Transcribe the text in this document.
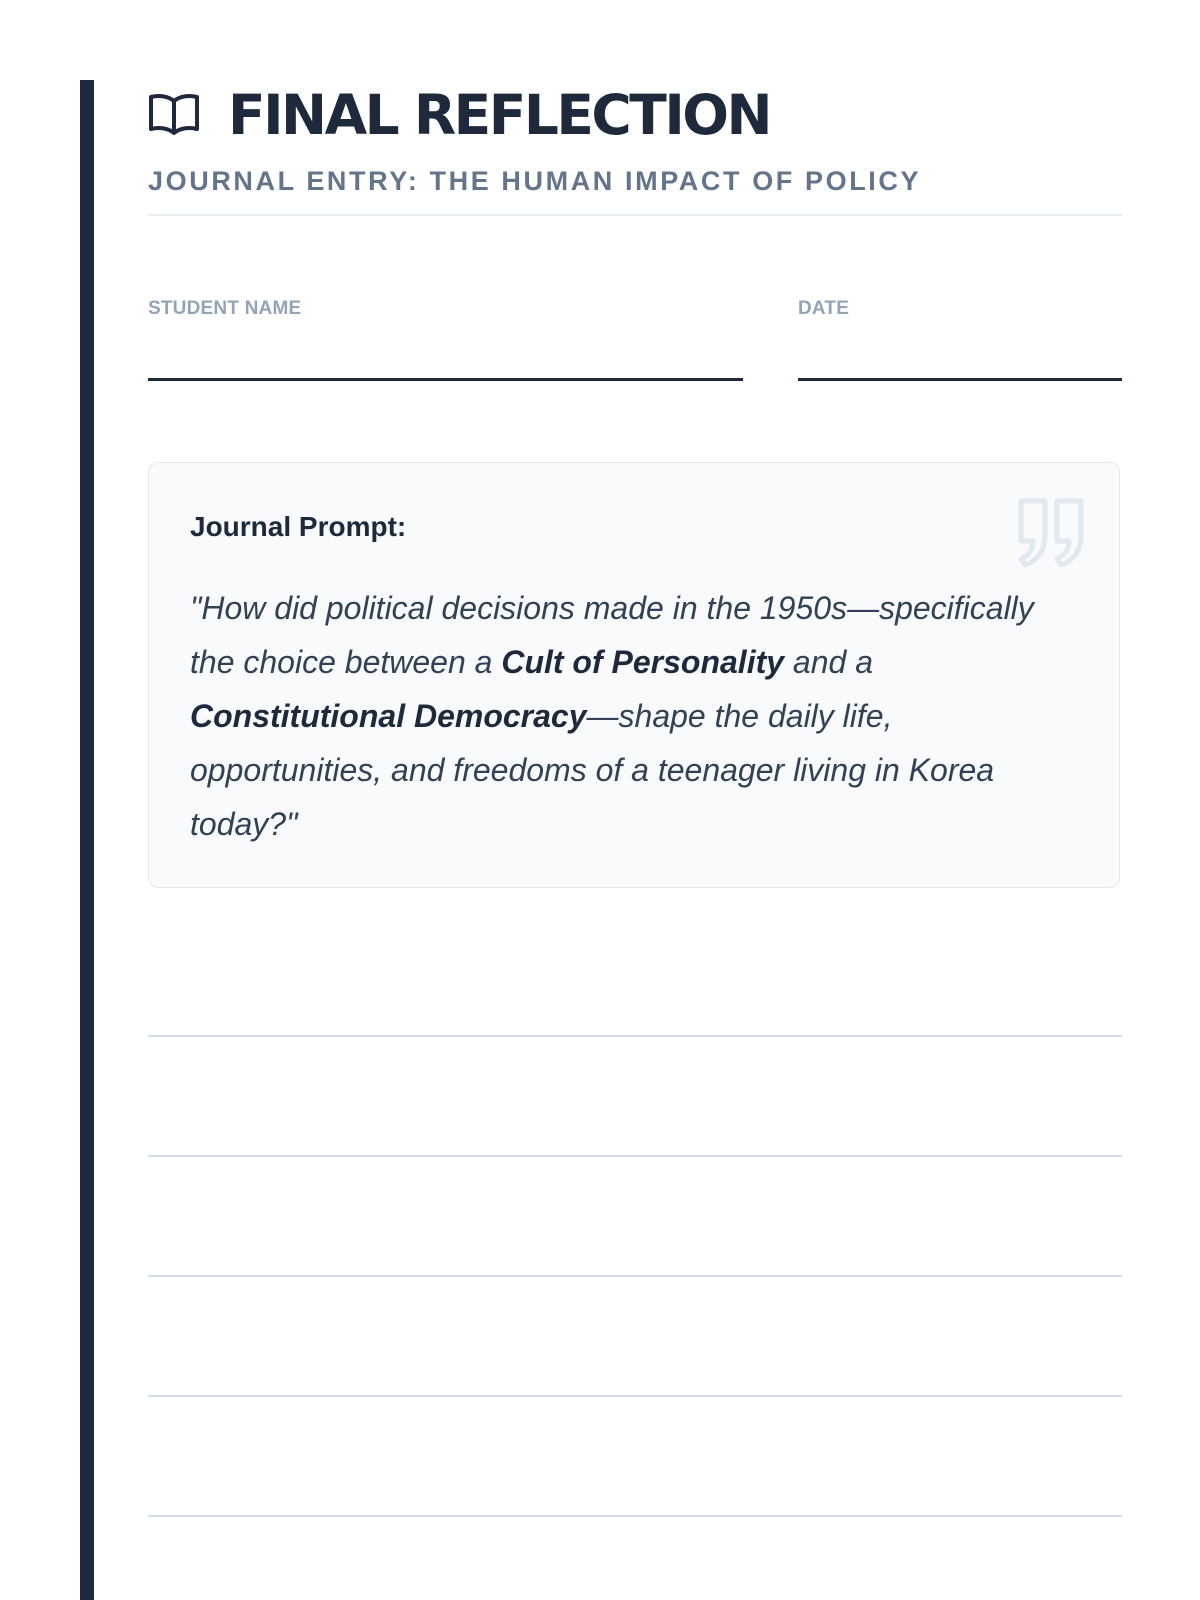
FINAL REFLECTION
JOURNAL ENTRY: THE HUMAN IMPACT OF POLICY
STUDENT NAME	DATE
Journal Prompt:
"How did political decisions made in the 1950s—specifically the choice between a Cult of Personality and a Constitutional Democracy—shape the daily life, opportunities, and freedoms of a teenager living in Korea today?"
